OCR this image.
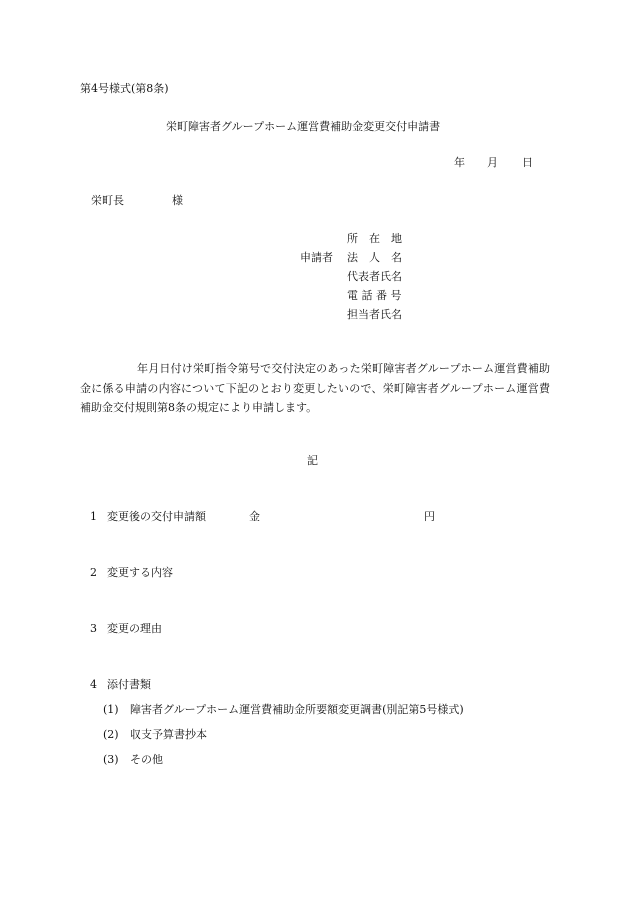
第4号様式(第8条)
栄町障害者グループホーム運営費補助金変更交付申請書
年 月 日
栄町長	様
申請者
所　在　地
法　人　名
代表者氏名
電 話 番 号
担当者氏名
年月日付け栄町指令第号で交付決定のあった栄町障害者グループホーム運営費補助金に係る申請の内容について下記のとおり変更したいので、栄町障害者グループホーム運営費補助金交付規則第8条の規定により申請します。
記
1 変更後の交付申請額	金	円
2 変更する内容
3 変更の理由
4 添付書類
(1) 障害者グループホーム運営費補助金所要額変更調書(別記第5号様式)
(2) 収支予算書抄本
(3) その他
